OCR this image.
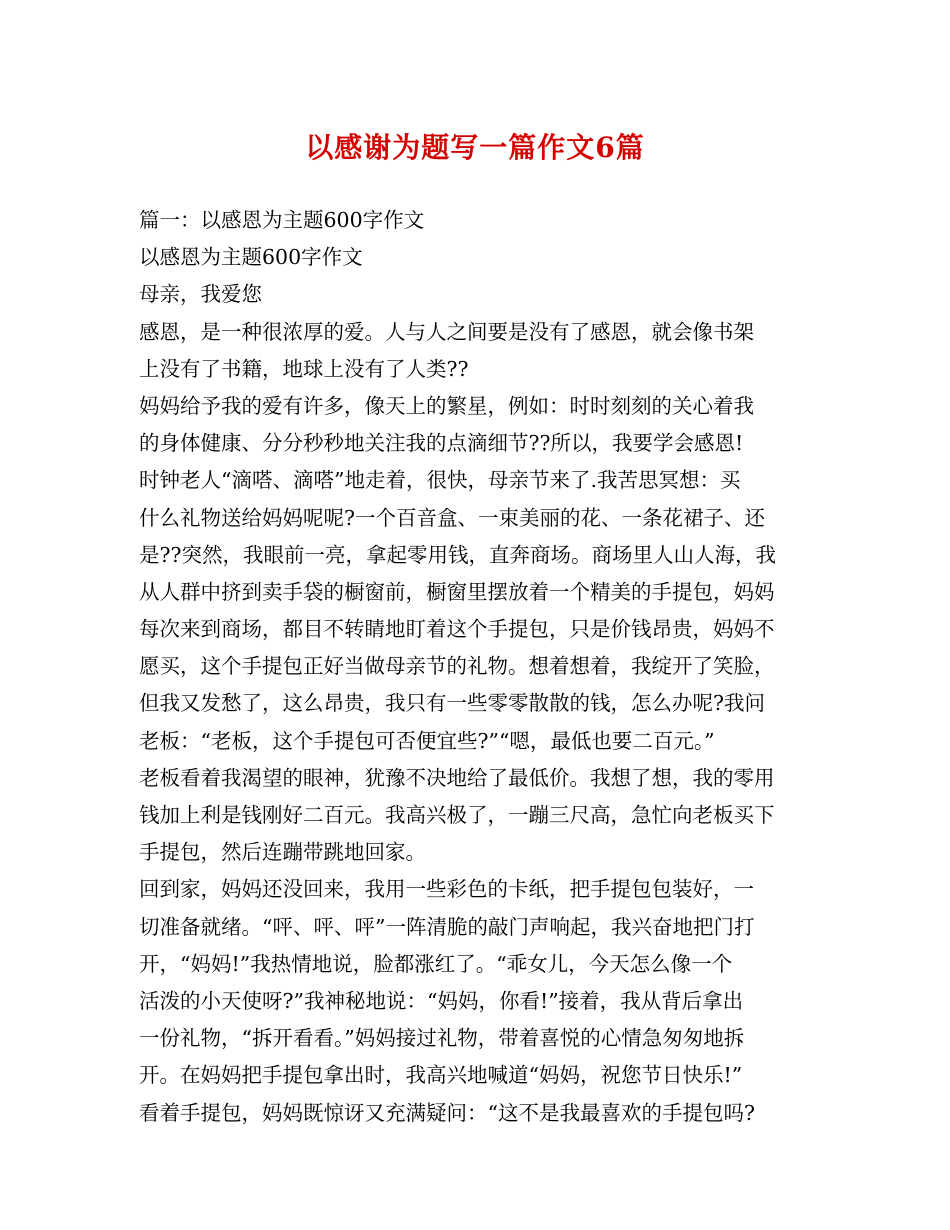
以感谢为题写一篇作文6篇
篇一：以感恩为主题600字作文
以感恩为主题600字作文
母亲，我爱您
感恩，是一种很浓厚的爱。人与人之间要是没有了感恩，就会像书架
上没有了书籍，地球上没有了人类??
妈妈给予我的爱有许多，像天上的繁星，例如：时时刻刻的关心着我
的身体健康、分分秒秒地关注我的点滴细节??所以，我要学会感恩!
时钟老人“滴嗒、滴嗒”地走着，很快，母亲节来了.我苦思冥想：买
什么礼物送给妈妈呢呢?一个百音盒、一束美丽的花、一条花裙子、还
是??突然，我眼前一亮，拿起零用钱，直奔商场。商场里人山人海，我
从人群中挤到卖手袋的橱窗前，橱窗里摆放着一个精美的手提包，妈妈
每次来到商场，都目不转睛地盯着这个手提包，只是价钱昂贵，妈妈不
愿买，这个手提包正好当做母亲节的礼物。想着想着，我绽开了笑脸，
但我又发愁了，这么昂贵，我只有一些零零散散的钱，怎么办呢?我问
老板：“老板，这个手提包可否便宜些?”“嗯，最低也要二百元。”
老板看着我渴望的眼神，犹豫不决地给了最低价。我想了想，我的零用
钱加上利是钱刚好二百元。我高兴极了，一蹦三尺高，急忙向老板买下
手提包，然后连蹦带跳地回家。
回到家，妈妈还没回来，我用一些彩色的卡纸，把手提包包装好，一
切准备就绪。“呯、呯、呯”一阵清脆的敲门声响起，我兴奋地把门打
开，“妈妈!”我热情地说，脸都涨红了。“乖女儿，今天怎么像一个
活泼的小天使呀?”我神秘地说：“妈妈，你看!”接着，我从背后拿出
一份礼物，“拆开看看。”妈妈接过礼物，带着喜悦的心情急匆匆地拆
开。在妈妈把手提包拿出时，我高兴地喊道“妈妈，祝您节日快乐!”
看着手提包，妈妈既惊讶又充满疑问：“这不是我最喜欢的手提包吗?
